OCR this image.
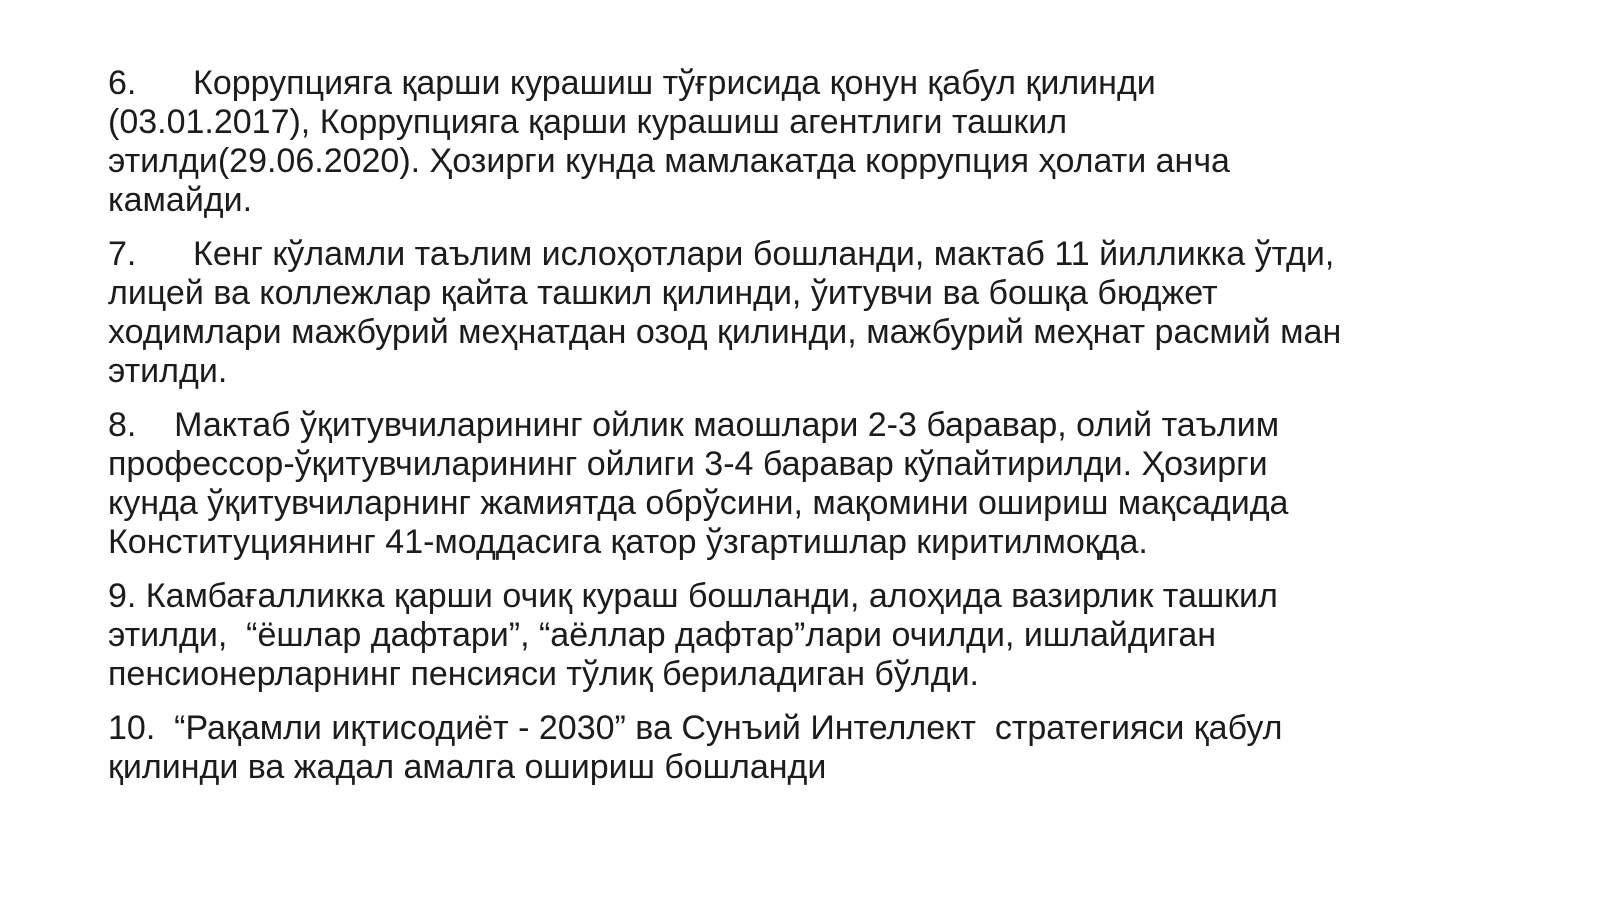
6.      Коррупцияга қарши курашиш тўғрисида қонун қабул қилинди
(03.01.2017), Коррупцияга қарши курашиш агентлиги ташкил
этилди(29.06.2020). Ҳозирги кунда мамлакатда коррупция ҳолати анча
камайди.

7.      Кенг кўламли таълим ислоҳотлари бошланди, мактаб 11 йилликка ўтди,
лицей ва коллежлар қайта ташкил қилинди, ўитувчи ва бошқа бюджет
ходимлари мажбурий меҳнатдан озод қилинди, мажбурий меҳнат расмий ман
этилди.

8.    Мактаб ўқитувчиларининг ойлик маошлари 2-3 баравар, олий таълим
профессор-ўқитувчиларининг ойлиги 3-4 баравар кўпайтирилди. Ҳозирги
кунда ўқитувчиларнинг жамиятда обрўсини, мақомини ошириш мақсадида
Конституциянинг 41-моддасига қатор ўзгартишлар киритилмоқда.

9. Камбағалликка қарши очиқ кураш бошланди, алоҳида вазирлик ташкил
этилди,  “ёшлар дафтари”, “аёллар дафтар”лари очилди, ишлайдиган
пенсионерларнинг пенсияси тўлиқ бериладиган бўлди.

10.  “Рақамли иқтисодиёт - 2030” ва Сунъий Интеллект  стратегияси қабул
қилинди ва жадал амалга ошириш бошланди
